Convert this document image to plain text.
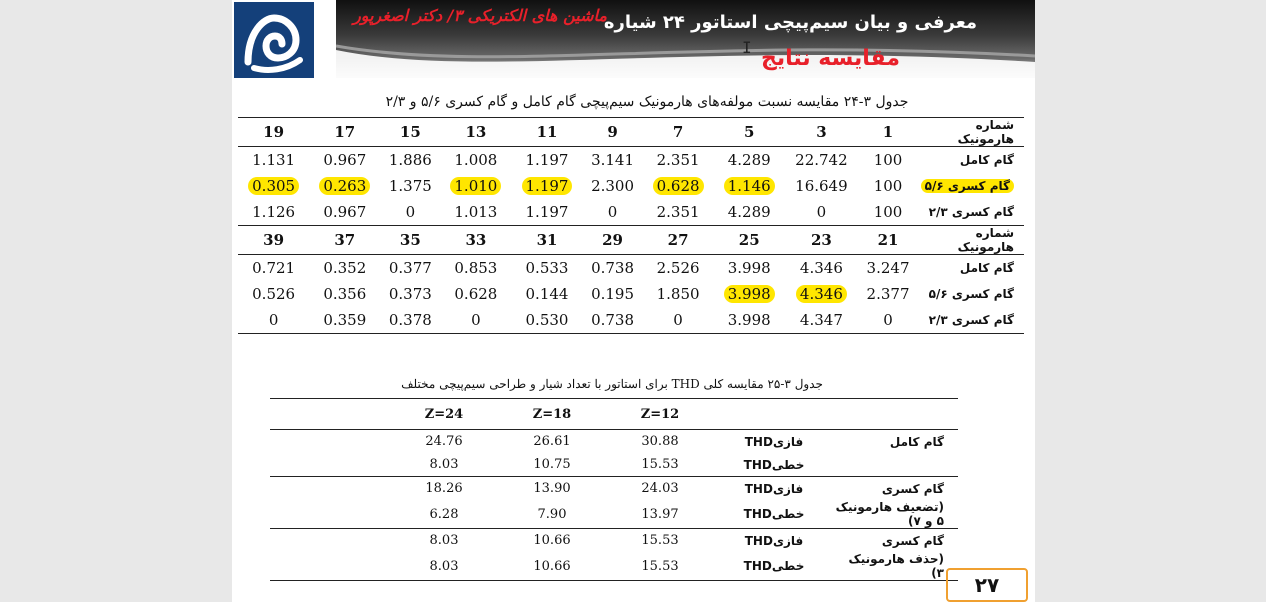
معرفی و بیان سیم‌پیچی استاتور ۲۴ شیاره
مقایسه نتایج
ماشین های الکتریکی ۳/ دکتر اصغرپور
I
جدول ۳-۲۴ مقایسه نسبت مولفه‌های هارمونیک سیم‌پیچی گام کامل و گام کسری ۵/۶ و ۲/۳
شماره هارمونیک	1	3	5	7	9	11	13	15	17	19
گام کامل	100	22.742	4.289	2.351	3.141	1.197	1.008	1.886	0.967	1.131
گام کسری ۵/۶	100	16.649	1.146	0.628	2.300	1.197	1.010	1.375	0.263	0.305
گام کسری ۲/۳	100	0	4.289	2.351	0	1.197	1.013	0	0.967	1.126
شماره هارمونیک	21	23	25	27	29	31	33	35	37	39
گام کامل	3.247	4.346	3.998	2.526	0.738	0.533	0.853	0.377	0.352	0.721
گام کسری ۵/۶	2.377	4.346	3.998	1.850	0.195	0.144	0.628	0.373	0.356	0.526
گام کسری ۲/۳	0	4.347	3.998	0	0.738	0.530	0	0.378	0.359	0
جدول ۳-۲۵ مقایسه کلی THD برای استاتور با تعداد شیار و طراحی سیم‌پیچی مختلف
	Z=24	Z=18	Z=12		
	24.76	26.61	30.88	فازیTHD	گام کامل
	8.03	10.75	15.53	خطیTHD	
	18.26	13.90	24.03	فازیTHD	گام کسری
	6.28	7.90	13.97	خطیTHD	(تضعیف هارمونیک ۵ و ۷)
	8.03	10.66	15.53	فازیTHD	گام کسری
	8.03	10.66	15.53	خطیTHD	(حذف هارمونیک ۳)	۲۷
